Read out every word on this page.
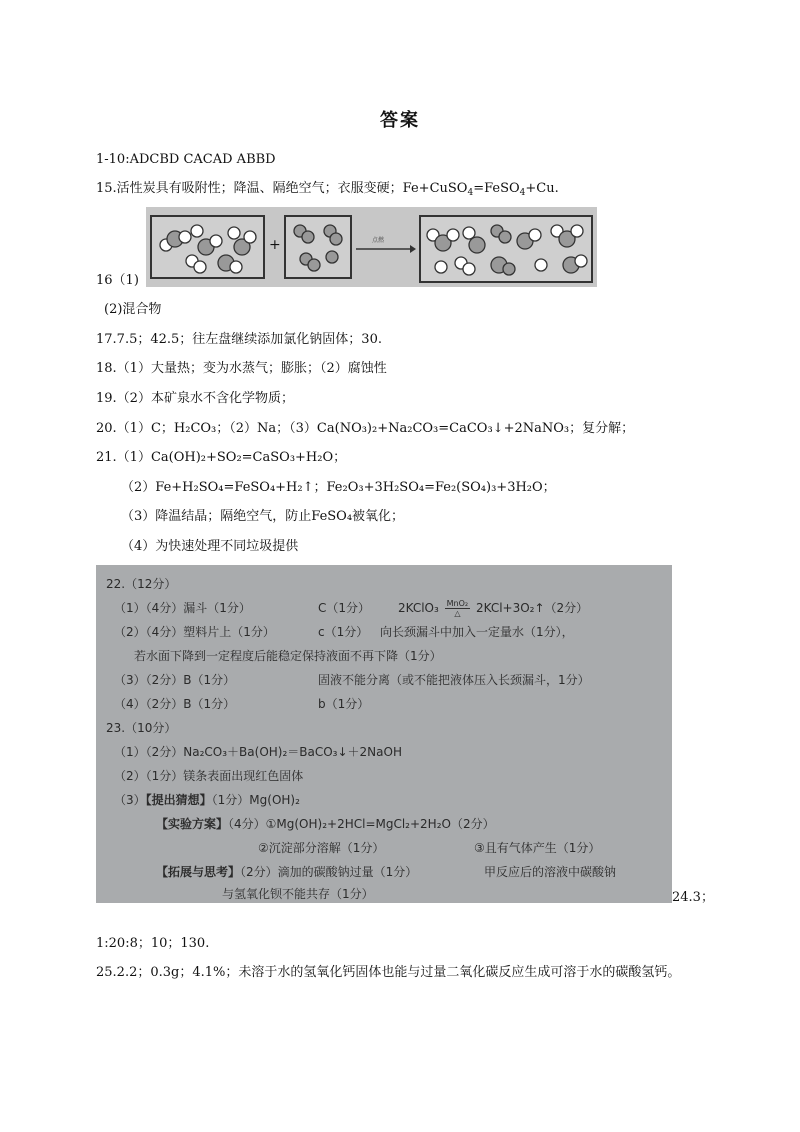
答案
1-10:ADCBD CACAD ABBD
15.活性炭具有吸附性；降温、隔绝空气；衣服变硬；Fe+CuSO$_4$=FeSO$_4$+Cu.
16（1)
+	点燃
(2)混合物
17.7.5；42.5；往左盘继续添加氯化钠固体；30.
18.（1）大量热；变为水蒸气；膨胀；（2）腐蚀性
19.（2）本矿泉水不含化学物质；
20.（1）C；H₂CO₃；（2）Na；（3）Ca(NO₃)₂+Na₂CO₃=CaCO₃↓+2NaNO₃；复分解；
21.（1）Ca(OH)₂+SO₂=CaSO₃+H₂O；
（2）Fe+H₂SO₄=FeSO₄+H₂↑；Fe₂O₃+3H₂SO₄=Fe₂(SO₄)₃+3H₂O；
（3）降温结晶；隔绝空气，防止FeSO₄被氧化；
（4）为快速处理不同垃圾提供
22.（12分）
（1）（4分）漏斗（1分）	C（1分） 2KClO₃ $\frac{\text{MnO₂}}{\triangle}$ 2KCl+3O₂↑（2分）
（2）（4分）塑料片上（1分）	c（1分） 向长颈漏斗中加入一定量水（1分），
若水面下降到一定程度后能稳定保持液面不再下降（1分）
（3）（2分）B（1分）	固液不能分离（或不能把液体压入长颈漏斗，1分）
（4）（2分）B（1分）	b（1分）
23.（10分）
（1）（2分）Na₂CO₃＋Ba(OH)₂＝BaCO₃↓＋2NaOH
（2）（1分）镁条表面出现红色固体
（3）【提出猜想】（1分）Mg(OH)₂
【实验方案】（4分）①Mg(OH)₂+2HCl=MgCl₂+2H₂O（2分）
②沉淀部分溶解（1分）	③且有气体产生（1分）
【拓展与思考】（2分）滴加的碳酸钠过量（1分）	甲反应后的溶液中碳酸钠
与氢氧化钡不能共存（1分）	24.3；
1:20:8；10；130.
25.2.2；0.3g；4.1%；未溶于水的氢氧化钙固体也能与过量二氧化碳反应生成可溶于水的碳酸氢钙。
